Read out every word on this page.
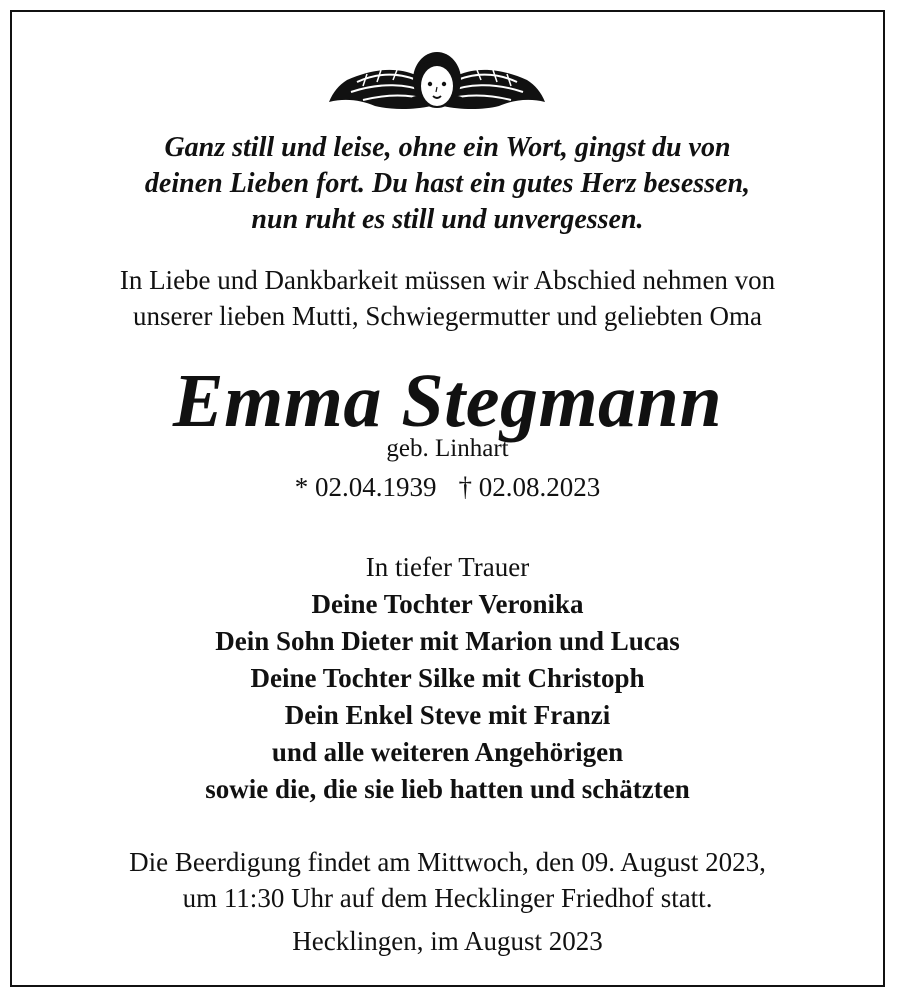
Ganz still und leise, ohne ein Wort, gingst du von
deinen Lieben fort. Du hast ein gutes Herz besessen,
nun ruht es still und unvergessen.
In Liebe und Dankbarkeit müssen wir Abschied nehmen von
unserer lieben Mutti, Schwiegermutter und geliebten Oma
Emma Stegmann
geb. Linhart
* 02.04.1939 † 02.08.2023
In tiefer Trauer
Deine Tochter Veronika
Dein Sohn Dieter mit Marion und Lucas
Deine Tochter Silke mit Christoph
Dein Enkel Steve mit Franzi
und alle weiteren Angehörigen
sowie die, die sie lieb hatten und schätzten
Die Beerdigung findet am Mittwoch, den 09. August 2023,
um 11:30 Uhr auf dem Hecklinger Friedhof statt.
Hecklingen, im August 2023
